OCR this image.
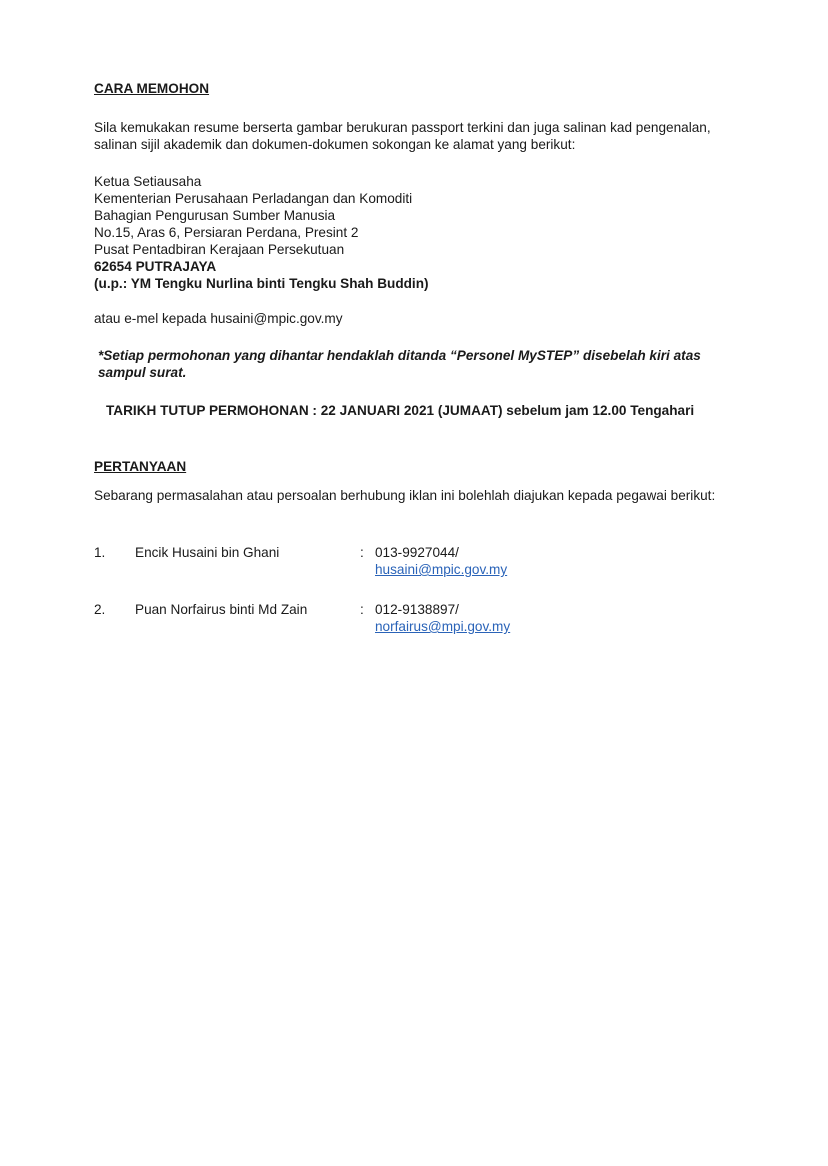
CARA MEMOHON

Sila kemukakan resume berserta gambar berukuran passport terkini dan juga salinan kad pengenalan,
salinan sijil akademik dan dokumen-dokumen sokongan ke alamat yang berikut:

Ketua Setiausaha
Kementerian Perusahaan Perladangan dan Komoditi
Bahagian Pengurusan Sumber Manusia
No.15, Aras 6, Persiaran Perdana, Presint 2
Pusat Pentadbiran Kerajaan Persekutuan
62654 PUTRAJAYA
(u.p.: YM Tengku Nurlina binti Tengku Shah Buddin)

atau e-mel kepada husaini@mpic.gov.my

*Setiap permohonan yang dihantar hendaklah ditanda “Personel MySTEP” disebelah kiri atas
sampul surat.

TARIKH TUTUP PERMOHONAN : 22 JANUARI 2021 (JUMAAT) sebelum jam 12.00 Tengahari

PERTANYAAN

Sebarang permasalahan atau persoalan berhubung iklan ini bolehlah diajukan kepada pegawai berikut:

1. Encik Husaini bin Ghani	: 013-9927044/
husaini@mpic.gov.my
2. Puan Norfairus binti Md Zain	: 012-9138897/
norfairus@mpi.gov.my
